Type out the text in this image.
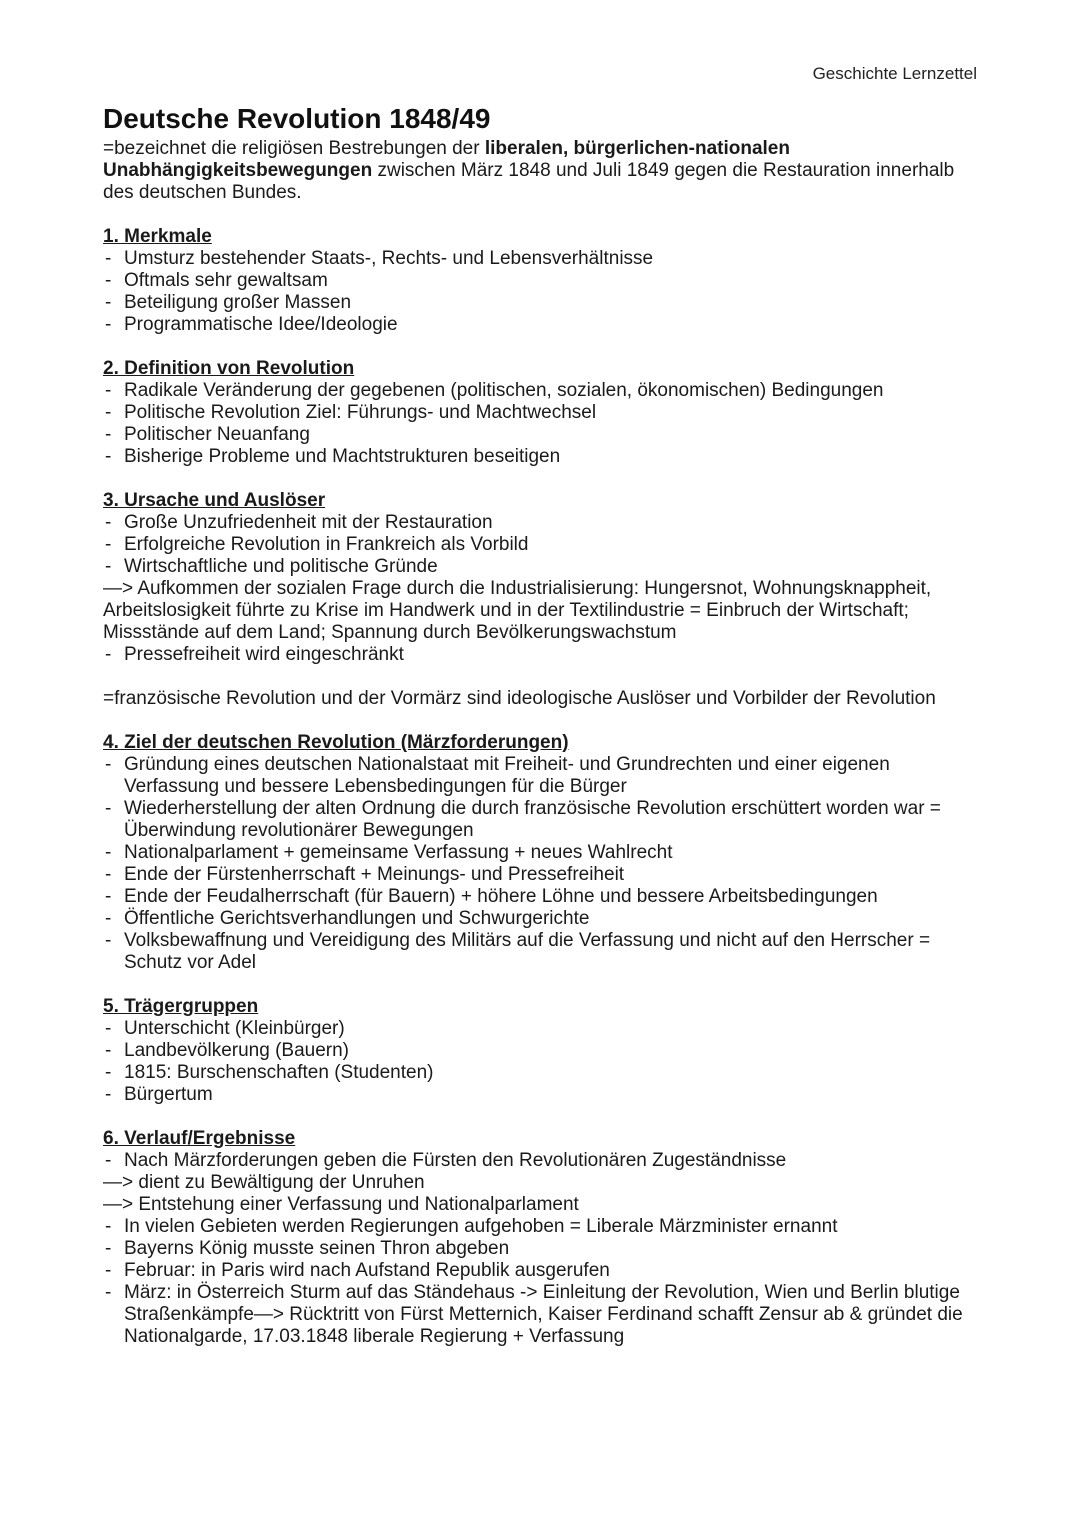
Geschichte Lernzettel
Deutsche Revolution 1848/49

=bezeichnet die religiösen Bestrebungen der liberalen, bürgerlichen-nationalen Unabhängigkeitsbewegungen zwischen März 1848 und Juli 1849 gegen die Restauration innerhalb des deutschen Bundes.

1. Merkmale

- Umsturz bestehender Staats-, Rechts- und Lebensverhältnisse
- Oftmals sehr gewaltsam
- Beteiligung großer Massen
- Programmatische Idee/Ideologie

2. Definition von Revolution

- Radikale Veränderung der gegebenen (politischen, sozialen, ökonomischen) Bedingungen
- Politische Revolution Ziel: Führungs- und Machtwechsel
- Politischer Neuanfang
- Bisherige Probleme und Machtstrukturen beseitigen

3. Ursache und Auslöser

- Große Unzufriedenheit mit der Restauration
- Erfolgreiche Revolution in Frankreich als Vorbild
- Wirtschaftliche und politische Gründe

—> Aufkommen der sozialen Frage durch die Industrialisierung: Hungersnot, Wohnungsknappheit, Arbeitslosigkeit führte zu Krise im Handwerk und in der Textilindustrie = Einbruch der Wirtschaft; Missstände auf dem Land; Spannung durch Bevölkerungswachstum

- Pressefreiheit wird eingeschränkt

=französische Revolution und der Vormärz sind ideologische Auslöser und Vorbilder der Revolution

4. Ziel der deutschen Revolution (Märzforderungen)

- Gründung eines deutschen Nationalstaat mit Freiheit- und Grundrechten und einer eigenen Verfassung und bessere Lebensbedingungen für die Bürger
- Wiederherstellung der alten Ordnung die durch französische Revolution erschüttert worden war = Überwindung revolutionärer Bewegungen
- Nationalparlament + gemeinsame Verfassung + neues Wahlrecht
- Ende der Fürstenherrschaft + Meinungs- und Pressefreiheit
- Ende der Feudalherrschaft (für Bauern) + höhere Löhne und bessere Arbeitsbedingungen
- Öffentliche Gerichtsverhandlungen und Schwurgerichte
- Volksbewaffnung und Vereidigung des Militärs auf die Verfassung und nicht auf den Herrscher = Schutz vor Adel

5. Trägergruppen

- Unterschicht (Kleinbürger)
- Landbevölkerung (Bauern)
- 1815: Burschenschaften (Studenten)
- Bürgertum

6. Verlauf/Ergebnisse

- Nach Märzforderungen geben die Fürsten den Revolutionären Zugeständnisse

—> dient zu Bewältigung der Unruhen

—> Entstehung einer Verfassung und Nationalparlament

- In vielen Gebieten werden Regierungen aufgehoben = Liberale Märzminister ernannt
- Bayerns König musste seinen Thron abgeben
- Februar: in Paris wird nach Aufstand Republik ausgerufen
- März: in Österreich Sturm auf das Ständehaus -> Einleitung der Revolution, Wien und Berlin blutige Straßenkämpfe—> Rücktritt von Fürst Metternich, Kaiser Ferdinand schafft Zensur ab & gründet die Nationalgarde, 17.03.1848 liberale Regierung + Verfassung
